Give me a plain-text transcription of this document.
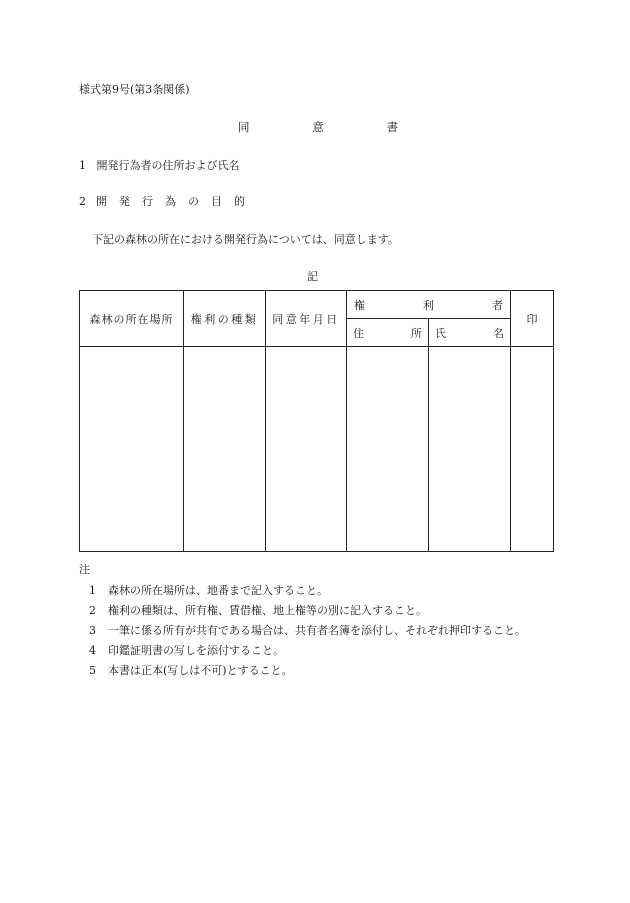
様式第9号(第3条関係)
同	意	書
1 開発行為者の住所および氏名
2 開発行為の目的
下記の森林の所在における開発行為については、同意します。
記
森林の所在場所	権利の種類	同意年月日	権 利 者		印

			住 所	氏 名	

注
1 森林の所在場所は、地番まで記入すること。
2 権利の種類は、所有権、賃借権、地上権等の別に記入すること。
3 一筆に係る所有が共有である場合は、共有者名簿を添付し、それぞれ押印すること。
4 印鑑証明書の写しを添付すること。
5 本書は正本(写しは不可)とすること。
